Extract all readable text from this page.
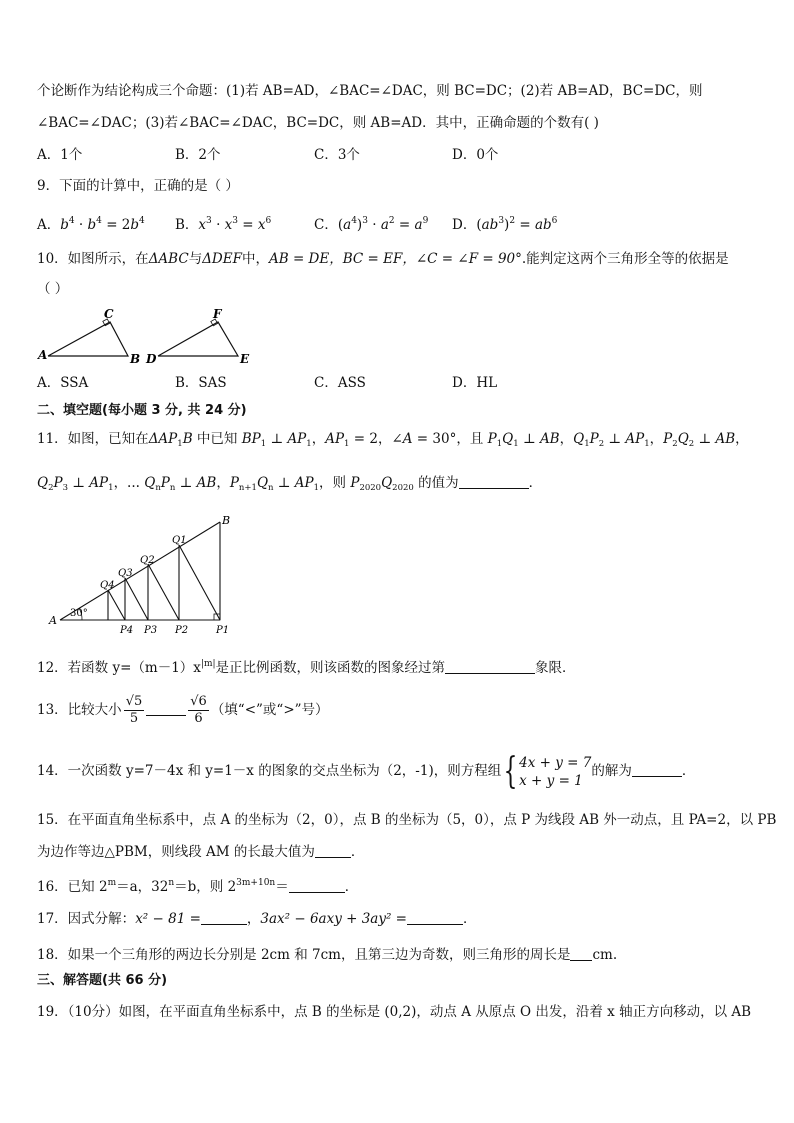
个论断作为结论构成三个命题：(1)若 AB=AD，∠BAC=∠DAC，则 BC=DC；(2)若 AB=AD，BC=DC，则
∠BAC=∠DAC；(3)若∠BAC=∠DAC，BC=DC，则 AB=AD．其中，正确命题的个数有( )
A．1个	B．2个	C．3个	D．0个
9．下面的计算中，正确的是（ ）
A．$b^4 \cdot b^4 = 2b^4$ B．$x^3 \cdot x^3 = x^6$	C．$(a^4)^3 \cdot a^2 = a^9$ D．$(ab^3)^2 = ab^6$
10．如图所示，在ΔABC与ΔDEF中，AB = DE，BC = EF，∠C = ∠F = 90°.能判定这两个三角形全等的依据是
（ ）
A	B
C
D	E
F
A．SSA	B．SAS	C．ASS	D．HL
二、填空题(每小题 3 分, 共 24 分)
11．如图，已知在$\Delta AP_1B$ 中已知 $BP_1$ ⊥ $AP_1$，$AP_1 = 2$，∠A = 30°，且 $P_1Q_1$ ⊥ AB，$Q_1P_2$ ⊥ $AP_1$，$P_2Q_2$ ⊥ AB，
$Q_2P_3$ ⊥ $AP_1$，... $Q_nP_n$ ⊥ AB，$P_{n+1}Q_n$ ⊥ $AP_1$，则 $P_{2020}Q_{2020}$ 的值为	．
A
B
30°
Q1
Q2
Q3
Q4
P1
P2
P3
P4
12．若函数 $y=(m-1)x^{|m|}$是正比例函数，则该函数的图象经过第	象限．
13．比较大小 $\frac{√5}{5}$	$\frac{√6}{6}$ （填“<”或“>”号）
14．一次函数 y=7－4x 和 y=1－x 的图象的交点坐标为（2，-1)，则方程组{ 4x + y = 7
x + y = 1
的解为	．
15．在平面直角坐标系中，点 A 的坐标为（2，0），点 B 的坐标为（5，0），点 P 为线段 AB 外一动点，且 PA=2，以 PB
为边作等边△PBM，则线段 AM 的长最大值为	．
16．已知 $2^m=a$，$32^n=b$，则 $2^{3m+10n}=$	．
17．因式分解：x² − 81 =	，3ax² − 6axy + 3ay² =	．
18．如果一个三角形的两边长分别是 2cm 和 7cm，且第三边为奇数，则三角形的周长是 cm.
三、解答题(共 66 分)
19．（10分）如图，在平面直角坐标系中，点 B 的坐标是 (0,2)，动点 A 从原点 O 出发，沿着 x 轴正方向移动，以 AB
